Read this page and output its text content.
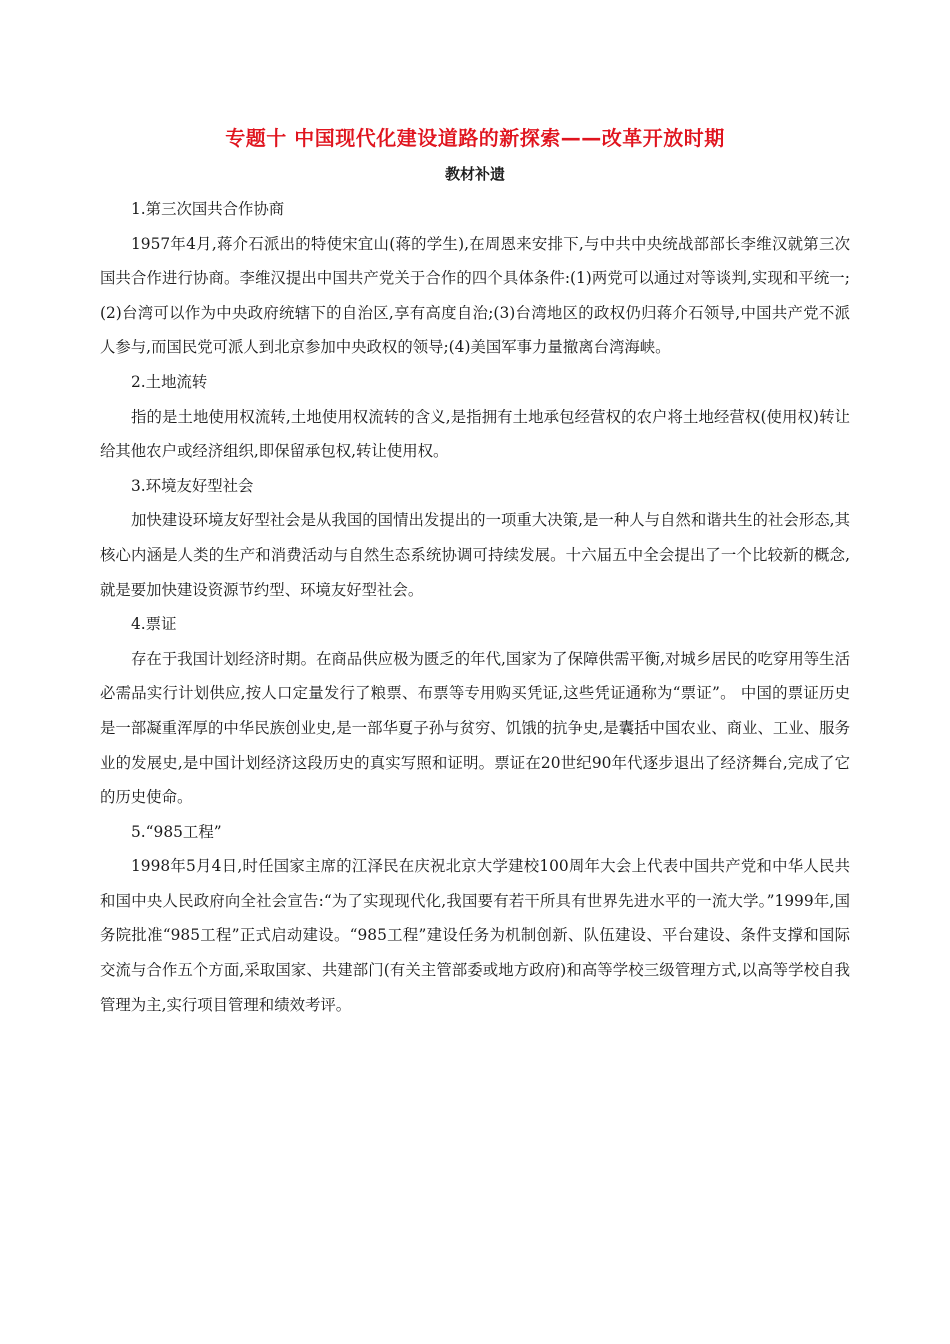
专题十 中国现代化建设道路的新探索——改革开放时期
教材补遗

1.第三次国共合作协商

1957年4月,蒋介石派出的特使宋宜山(蒋的学生),在周恩来安排下,与中共中央统战部部长李维汉就第三次国共合作进行协商。李维汉提出中国共产党关于合作的四个具体条件:(1)两党可以通过对等谈判,实现和平统一;(2)台湾可以作为中央政府统辖下的自治区,享有高度自治;(3)台湾地区的政权仍归蒋介石领导,中国共产党不派人参与,而国民党可派人到北京参加中央政权的领导;(4)美国军事力量撤离台湾海峡。

2.土地流转

指的是土地使用权流转,土地使用权流转的含义,是指拥有土地承包经营权的农户将土地经营权(使用权)转让给其他农户或经济组织,即保留承包权,转让使用权。

3.环境友好型社会

加快建设环境友好型社会是从我国的国情出发提出的一项重大决策,是一种人与自然和谐共生的社会形态,其核心内涵是人类的生产和消费活动与自然生态系统协调可持续发展。十六届五中全会提出了一个比较新的概念,就是要加快建设资源节约型、环境友好型社会。

4.票证

存在于我国计划经济时期。在商品供应极为匮乏的年代,国家为了保障供需平衡,对城乡居民的吃穿用等生活必需品实行计划供应,按人口定量发行了粮票、布票等专用购买凭证,这些凭证通称为“票证”。 中国的票证历史是一部凝重浑厚的中华民族创业史,是一部华夏子孙与贫穷、饥饿的抗争史,是囊括中国农业、商业、工业、服务业的发展史,是中国计划经济这段历史的真实写照和证明。票证在20世纪90年代逐步退出了经济舞台,完成了它的历史使命。

5.“985工程”

1998年5月4日,时任国家主席的江泽民在庆祝北京大学建校100周年大会上代表中国共产党和中华人民共和国中央人民政府向全社会宣告:“为了实现现代化,我国要有若干所具有世界先进水平的一流大学。”1999年,国务院批准“985工程”正式启动建设。“985工程”建设任务为机制创新、队伍建设、平台建设、条件支撑和国际交流与合作五个方面,采取国家、共建部门(有关主管部委或地方政府)和高等学校三级管理方式,以高等学校自我管理为主,实行项目管理和绩效考评。
